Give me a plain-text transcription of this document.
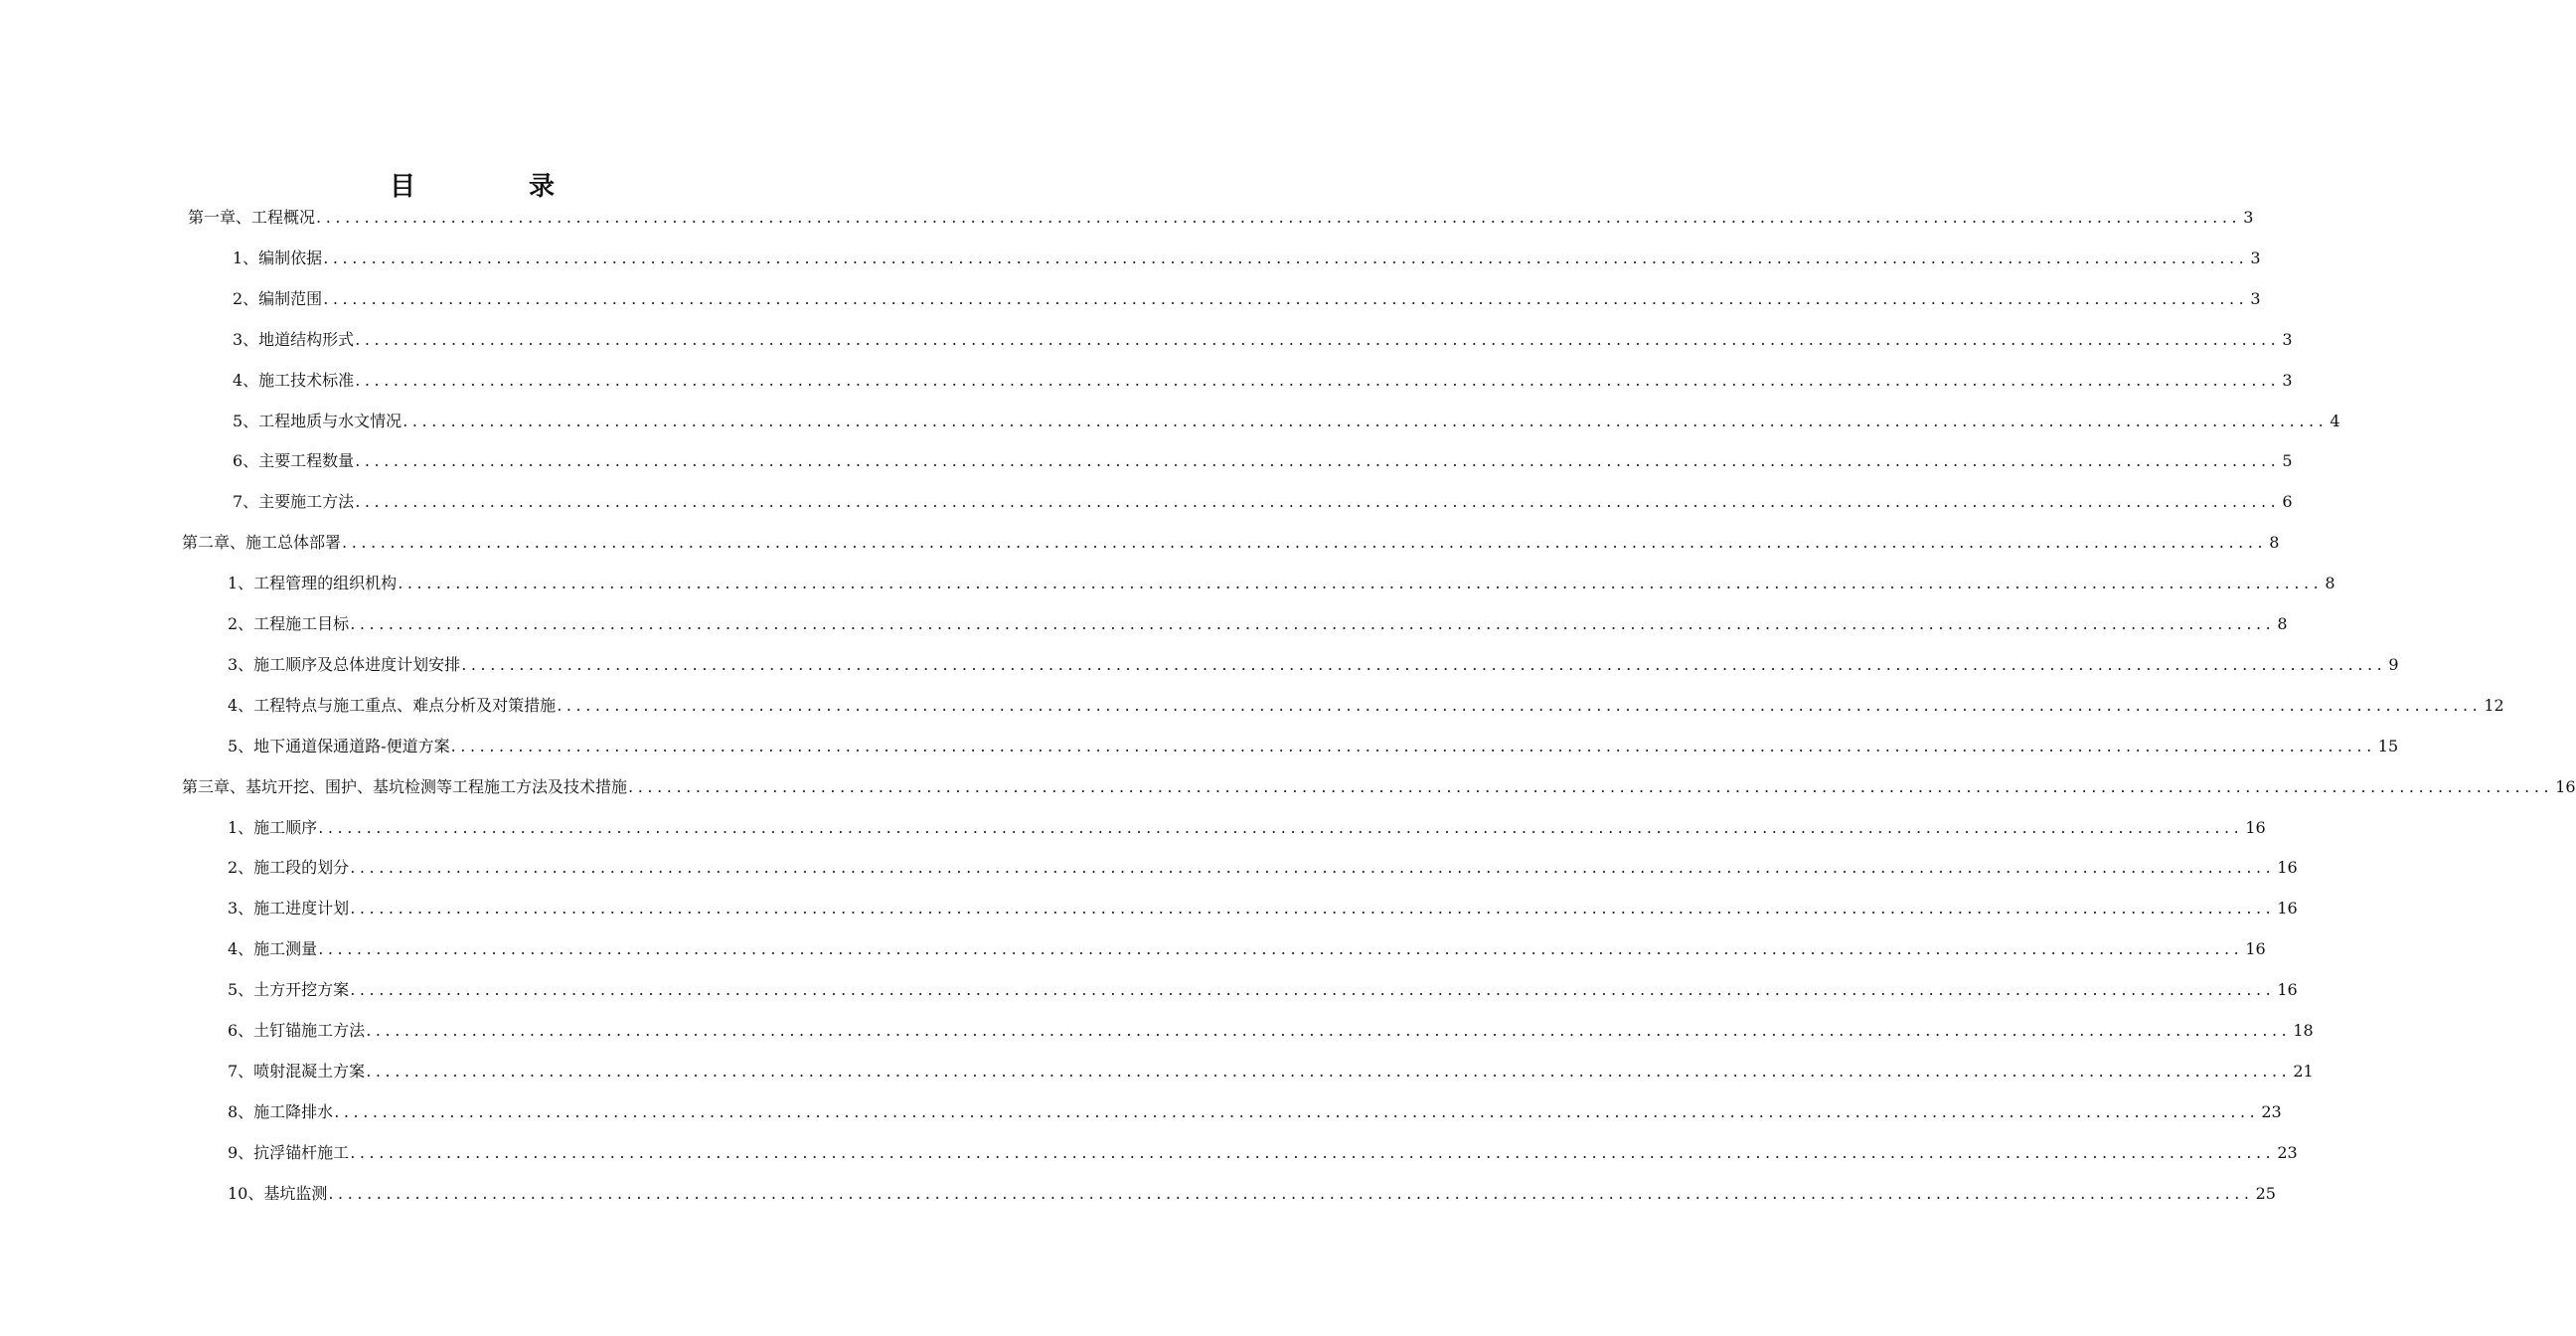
目　录
第一章、工程概况 ........................................................................................................................................................................................................ 3
1、编制依据 ........................................................................................................................................................................................................ 3
2、编制范围 ........................................................................................................................................................................................................ 3
3、地道结构形式 ........................................................................................................................................................................................................ 3
4、施工技术标准 ........................................................................................................................................................................................................ 3
5、工程地质与水文情况 ........................................................................................................................................................................................................ 4
6、主要工程数量 ........................................................................................................................................................................................................ 5
7、主要施工方法 ........................................................................................................................................................................................................ 6
第二章、施工总体部署 ........................................................................................................................................................................................................ 8
1、工程管理的组织机构 ........................................................................................................................................................................................................ 8
2、工程施工目标 ........................................................................................................................................................................................................ 8
3、施工顺序及总体进度计划安排 ........................................................................................................................................................................................................ 9
4、工程特点与施工重点、难点分析及对策措施 ........................................................................................................................................................................................................ 12
5、地下通道保通道路-便道方案 ........................................................................................................................................................................................................ 15
第三章、基坑开挖、围护、基坑检测等工程施工方法及技术措施 ........................................................................................................................................................................................................ 16
1、施工顺序 ........................................................................................................................................................................................................ 16
2、施工段的划分 ........................................................................................................................................................................................................ 16
3、施工进度计划 ........................................................................................................................................................................................................ 16
4、施工测量 ........................................................................................................................................................................................................ 16
5、土方开挖方案 ........................................................................................................................................................................................................ 16
6、土钉锚施工方法 ........................................................................................................................................................................................................ 18
7、喷射混凝土方案 ........................................................................................................................................................................................................ 21
8、施工降排水 ........................................................................................................................................................................................................ 23
9、抗浮锚杆施工 ........................................................................................................................................................................................................ 23
10、基坑监测 ........................................................................................................................................................................................................ 25
